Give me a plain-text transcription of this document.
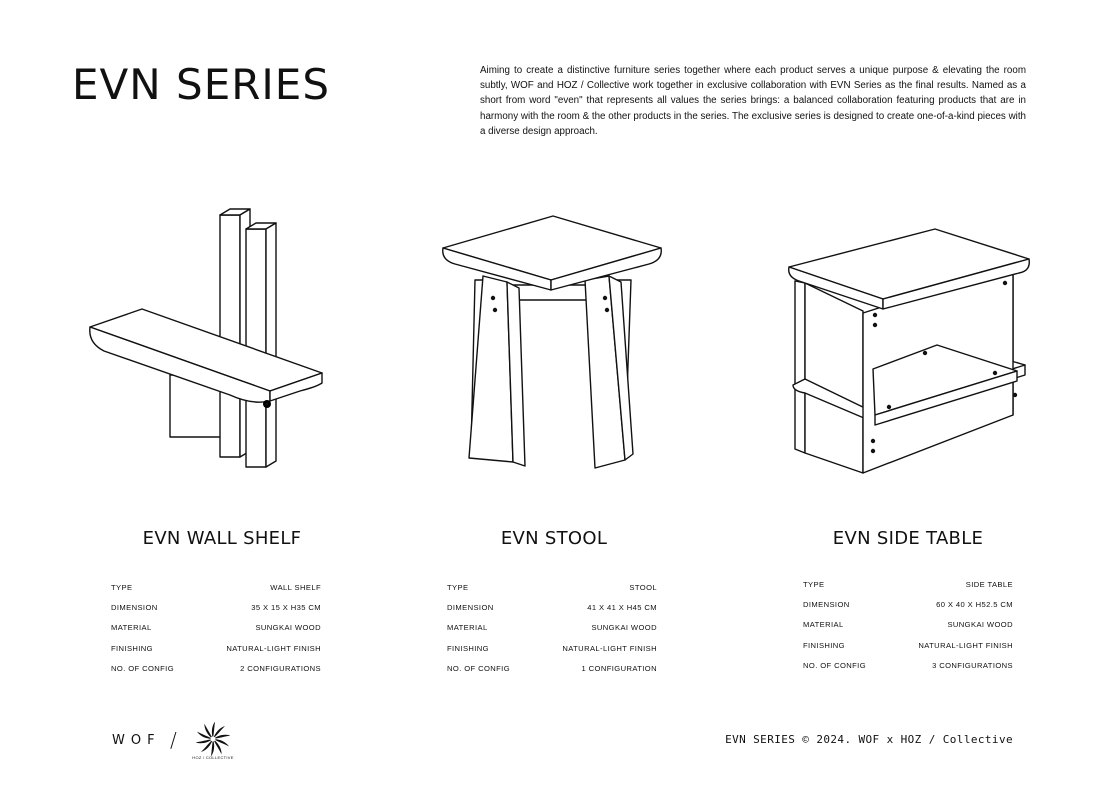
EVN SERIES	Aiming to create a distinctive furniture series together where each product serves a unique purpose & elevating the room subtly, WOF and HOZ / Collective work together in exclusive collaboration with EVN Series as the final results. Named as a short from word "even" that represents all values the series brings: a balanced collaboration featuring products that are in harmony with the room & the other products in the series. The exclusive series is designed to create one-of-a-kind pieces with a diverse design approach.

EVN WALL SHELF	EVN STOOL	EVN SIDE TABLE
TYPE	WALL SHELF
DIMENSION	35 X 15 X H35 CM
MATERIAL	SUNGKAI WOOD
FINISHING	NATURAL-LIGHT FINISH
NO. OF CONFIG	2 CONFIGURATIONS
TYPE	STOOL
DIMENSION	41 X 41 X H45 CM
MATERIAL	SUNGKAI WOOD
FINISHING	NATURAL-LIGHT FINISH
NO. OF CONFIG	1 CONFIGURATION
TYPE	SIDE TABLE
DIMENSION	60 X 40 X H52.5 CM
MATERIAL	SUNGKAI WOOD
FINISHING	NATURAL-LIGHT FINISH
NO. OF CONFIG	3 CONFIGURATIONS
WOF /
HOZ / COLLECTIVE
EVN SERIES © 2024. WOF x HOZ / Collective
